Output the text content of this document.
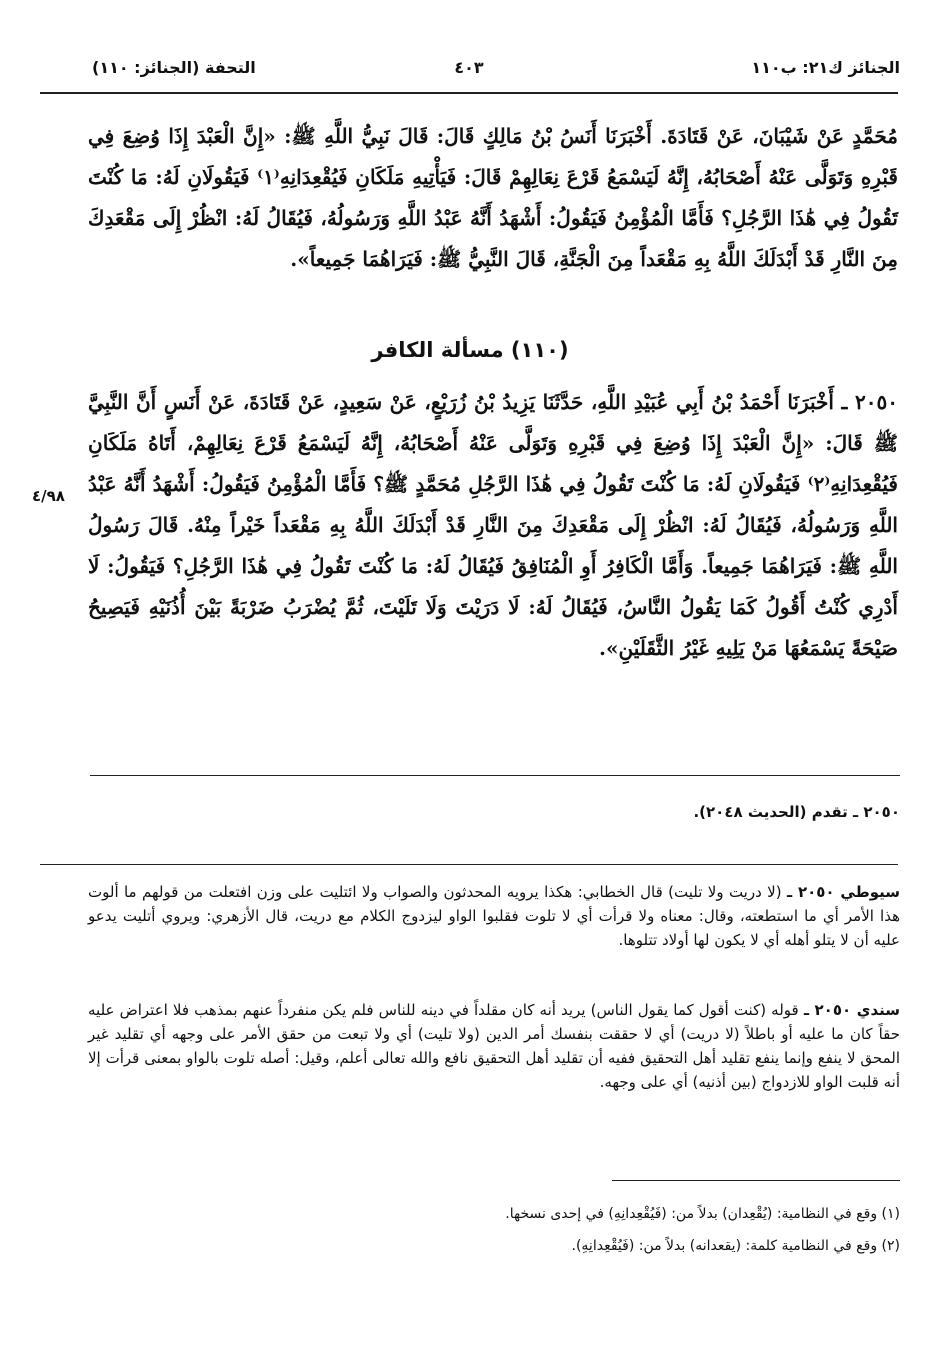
الجنائز ك٢١: ب١١٠
٤٠٣
التحفة (الجنائز: ١١٠)
مُحَمَّدٍ عَنْ شَيْبَانَ، عَنْ قَتَادَةَ. أَخْبَرَنَا أَنَسُ بْنُ مَالِكٍ قَالَ: قَالَ نَبِيُّ اللَّهِ ﷺ: «إِنَّ الْعَبْدَ إِذَا وُضِعَ فِي قَبْرِهِ وَتَوَلَّى عَنْهُ أَصْحَابُهُ، إِنَّهُ لَيَسْمَعُ قَرْعَ نِعَالِهِمْ قَالَ: فَيَأْتِيهِ مَلَكَانِ فَيُقْعِدَانِهِ⁽١⁾ فَيَقُولَانِ لَهُ: مَا كُنْتَ تَقُولُ فِي هَٰذَا الرَّجُلِ؟ فَأَمَّا الْمُؤْمِنُ فَيَقُولُ: أَشْهَدُ أَنَّهُ عَبْدُ اللَّهِ وَرَسُولُهُ، فَيُقَالُ لَهُ: انْظُرْ إِلَى مَقْعَدِكَ مِنَ النَّارِ قَدْ أَبْدَلَكَ اللَّهُ بِهِ مَقْعَداً مِنَ الْجَنَّةِ، قَالَ النَّبِيُّ ﷺ: فَيَرَاهُمَا جَمِيعاً».
(١١٠) مسألة الكافر
٢٠٥٠ ـ أَخْبَرَنَا أَحْمَدُ بْنُ أَبِي عُبَيْدِ اللَّهِ، حَدَّثَنَا يَزِيدُ بْنُ زُرَيْعٍ، عَنْ سَعِيدٍ، عَنْ قَتَادَةَ، عَنْ أَنَسٍ أَنَّ النَّبِيَّ ﷺ قَالَ: «إِنَّ الْعَبْدَ إِذَا وُضِعَ فِي قَبْرِهِ وَتَوَلَّى عَنْهُ أَصْحَابُهُ، إِنَّهُ لَيَسْمَعُ قَرْعَ نِعَالِهِمْ، أَتَاهُ مَلَكَانِ فَيُقْعِدَانِهِ⁽٢⁾ فَيَقُولَانِ لَهُ: مَا كُنْتَ تَقُولُ فِي هَٰذَا الرَّجُلِ مُحَمَّدٍ ﷺ؟ فَأَمَّا الْمُؤْمِنُ فَيَقُولُ: أَشْهَدُ أَنَّهُ عَبْدُ اللَّهِ وَرَسُولُهُ، فَيُقَالُ لَهُ: انْظُرْ إِلَى مَقْعَدِكَ مِنَ النَّارِ قَدْ أَبْدَلَكَ اللَّهُ بِهِ مَقْعَداً خَيْراً مِنْهُ. قَالَ رَسُولُ اللَّهِ ﷺ: فَيَرَاهُمَا جَمِيعاً. وَأَمَّا الْكَافِرُ أَوِ الْمُنَافِقُ فَيُقَالُ لَهُ: مَا كُنْتَ تَقُولُ فِي هَٰذَا الرَّجُلِ؟ فَيَقُولُ: لَا أَدْرِي كُنْتُ أَقُولُ كَمَا يَقُولُ النَّاسُ، فَيُقَالُ لَهُ: لَا دَرَيْتَ وَلَا تَلَيْتَ، ثُمَّ يُضْرَبُ ضَرْبَةً بَيْنَ أُذُنَيْهِ فَيَصِيحُ صَيْحَةً يَسْمَعُهَا مَنْ يَلِيهِ غَيْرُ الثَّقَلَيْنِ».
٤/٩٨
٢٠٥٠ ـ تقدم (الحديث ٢٠٤٨).
سيوطي ٢٠٥٠ ـ (لا دريت ولا تليت) قال الخطابي: هكذا يرويه المحدثون والصواب ولا ائتليت على وزن افتعلت من قولهم ما ألوت هذا الأمر أي ما استطعته، وقال: معناه ولا قرأت أي لا تلوت فقلبوا الواو ليزدوج الكلام مع دريت، قال الأزهري: ويروي أتليت يدعو عليه أن لا يتلو أهله أي لا يكون لها أولاد تتلوها.
سندي ٢٠٥٠ ـ قوله (كنت أقول كما يقول الناس) يريد أنه كان مقلداً في دينه للناس فلم يكن منفرداً عنهم بمذهب فلا اعتراض عليه حقاً كان ما عليه أو باطلاً (لا دريت) أي لا حققت بنفسك أمر الدين (ولا تليت) أي ولا تبعت من حقق الأمر على وجهه أي تقليد غير المحق لا ينفع وإنما ينفع تقليد أهل التحقيق ففيه أن تقليد أهل التحقيق نافع والله تعالى أعلم، وقيل: أصله تلوت بالواو بمعنى قرأت إلا أنه قلبت الواو للازدواج (بين أذنيه) أي على وجهه.
(١) وقع في النظامية: (يُقْعِدان) بدلاً من: (فَيُقْعِدانِهِ) في إحدى نسخها.
(٢) وقع في النظامية كلمة: (يقعدانه) بدلاً من: (فَيُقْعِدانِهِ).
